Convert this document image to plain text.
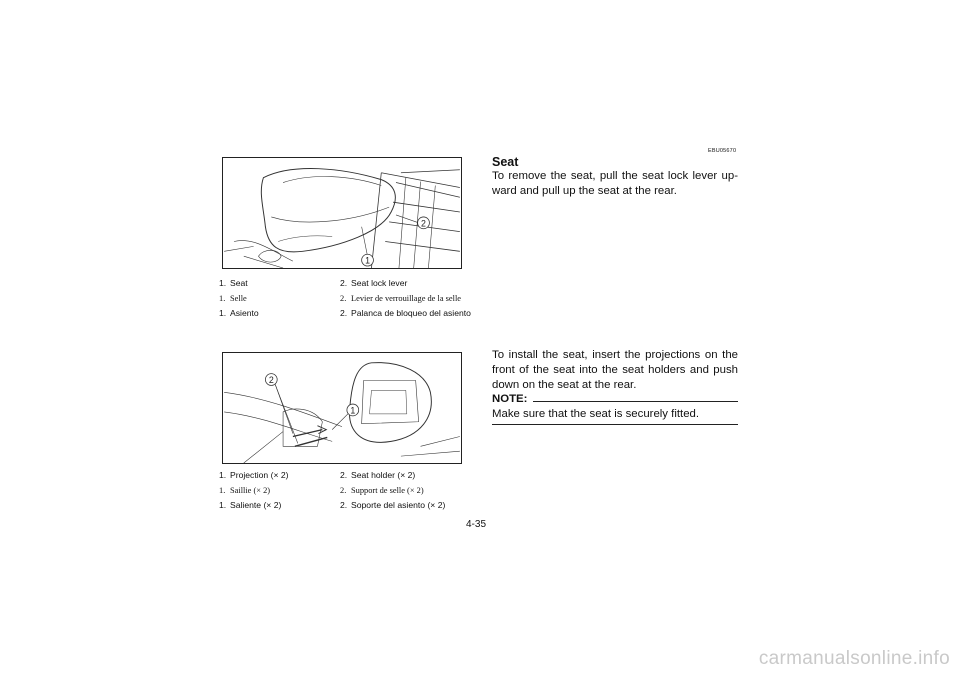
1
2
1. Seat	2. Seat lock lever
1. Selle	2. Levier de verrouillage de la selle
1. Asiento	2. Palanca de bloqueo del asiento
2
1
1. Projection (× 2)	2. Seat holder (× 2)
1. Saillie (× 2)	2. Support de selle (× 2)
1. Saliente (× 2)	2. Soporte del asiento (× 2)
EBU05670
Seat
To remove the seat, pull the seat lock lever up-ward and pull up the seat at the rear.
To install the seat, insert the projections on the front of the seat into the seat holders and push down on the seat at the rear.
NOTE:
Make sure that the seat is securely fitted.
4-35
carmanualsonline.info
